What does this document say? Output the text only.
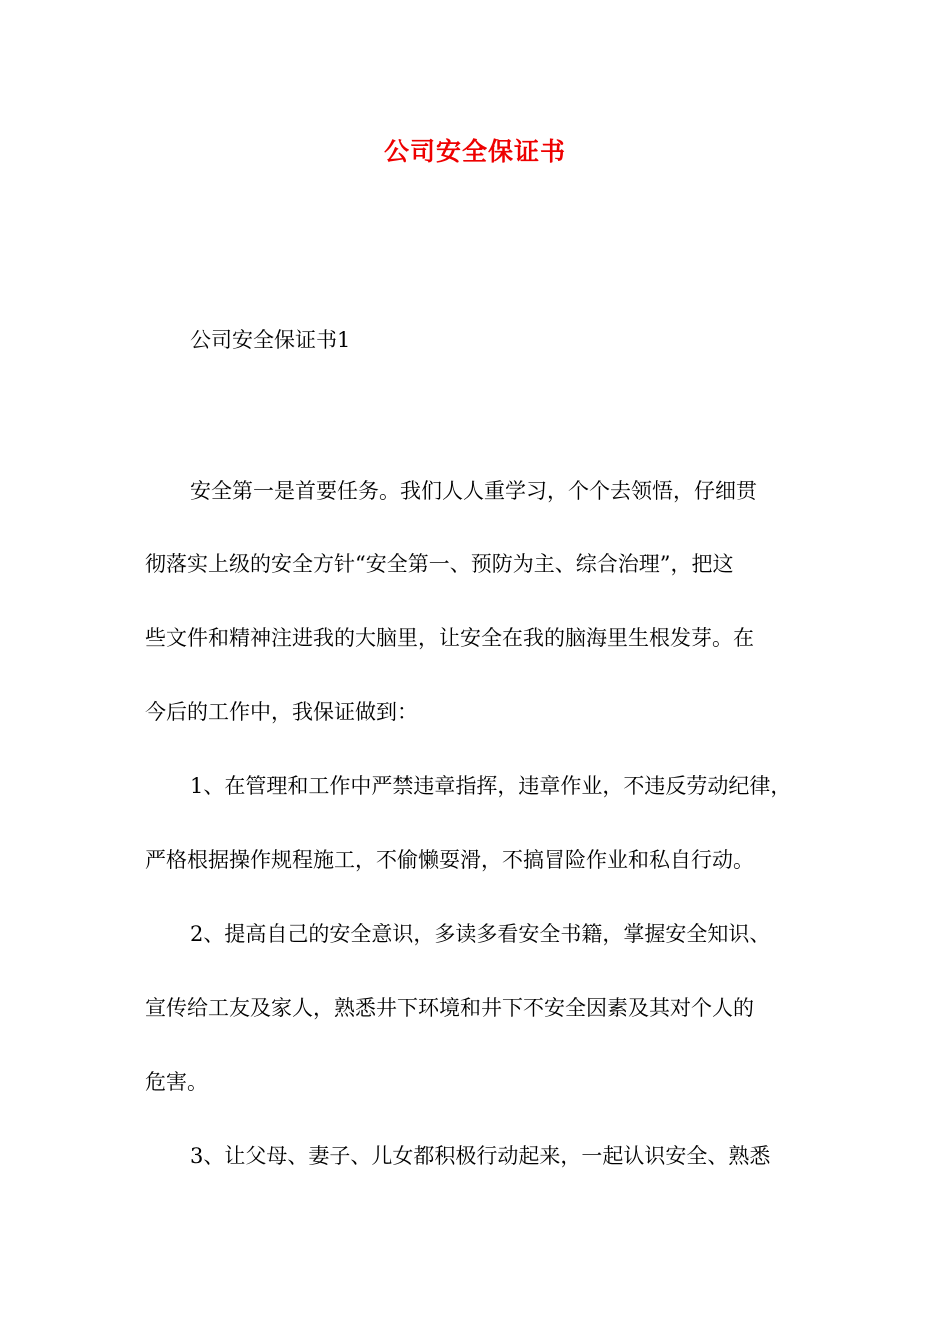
公司安全保证书

公司安全保证书1

安全第一是首要任务。我们人人重学习，个个去领悟，仔细贯

彻落实上级的安全方针“安全第一、预防为主、综合治理”，把这

些文件和精神注进我的大脑里，让安全在我的脑海里生根发芽。在

今后的工作中，我保证做到：

1、在管理和工作中严禁违章指挥，违章作业，不违反劳动纪律，

严格根据操作规程施工，不偷懒耍滑，不搞冒险作业和私自行动。

2、提高自己的安全意识，多读多看安全书籍，掌握安全知识、

宣传给工友及家人，熟悉井下环境和井下不安全因素及其对个人的

危害。

3、让父母、妻子、儿女都积极行动起来，一起认识安全、熟悉
